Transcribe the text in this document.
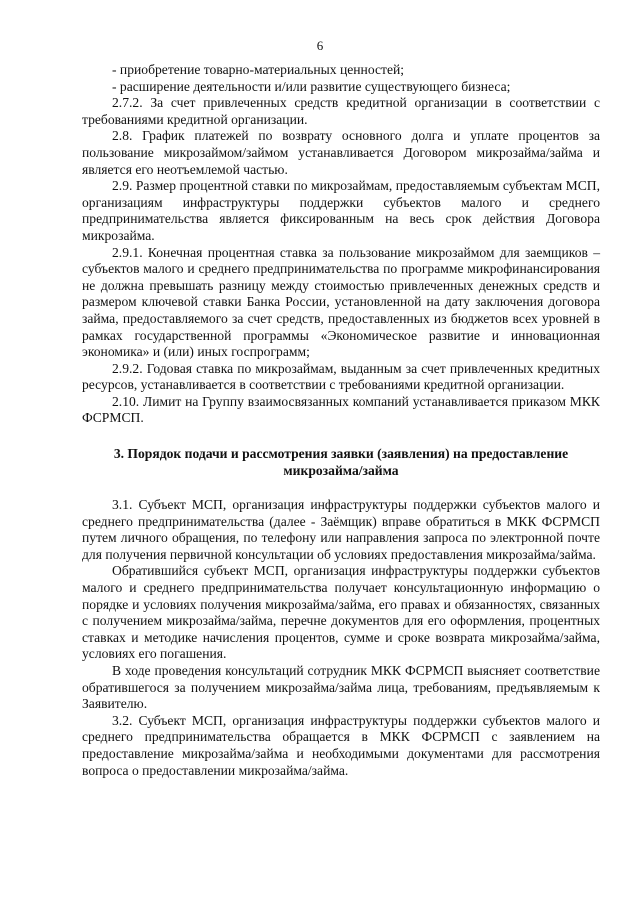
6

- приобретение товарно-материальных ценностей;

- расширение деятельности и/или развитие существующего бизнеса;

2.7.2. За счет привлеченных средств кредитной организации в соответствии с требованиями кредитной организации.

2.8. График платежей по возврату основного долга и уплате процентов за пользование микрозаймом/займом устанавливается Договором микрозайма/займа и является его неотъемлемой частью.

2.9. Размер процентной ставки по микрозаймам, предоставляемым субъектам МСП, организациям инфраструктуры поддержки субъектов малого и среднего предпринимательства является фиксированным на весь срок действия Договора микрозайма.

2.9.1. Конечная процентная ставка за пользование микрозаймом для заемщиков – субъектов малого и среднего предпринимательства по программе микрофинансирования не должна превышать разницу между стоимостью привлеченных денежных средств и размером ключевой ставки Банка России, установленной на дату заключения договора займа, предоставляемого за счет средств, предоставленных из бюджетов всех уровней в рамках государственной программы «Экономическое развитие и инновационная экономика» и (или) иных госпрограмм;

2.9.2. Годовая ставка по микрозаймам, выданным за счет привлеченных кредитных ресурсов, устанавливается в соответствии с требованиями кредитной организации.

2.10. Лимит на Группу взаимосвязанных компаний устанавливается приказом МКК ФСРМСП.

3. Порядок подачи и рассмотрения заявки (заявления) на предоставление микрозайма/займа

3.1. Субъект МСП, организация инфраструктуры поддержки субъектов малого и среднего предпринимательства (далее - Заёмщик) вправе обратиться в МКК ФСРМСП путем личного обращения, по телефону или направления запроса по электронной почте для получения первичной консультации об условиях предоставления микрозайма/займа.

Обратившийся субъект МСП, организация инфраструктуры поддержки субъектов малого и среднего предпринимательства получает консультационную информацию о порядке и условиях получения микрозайма/займа, его правах и обязанностях, связанных с получением микрозайма/займа, перечне документов для его оформления, процентных ставках и методике начисления процентов, сумме и сроке возврата микрозайма/займа, условиях его погашения.

В ходе проведения консультаций сотрудник МКК ФСРМСП выясняет соответствие обратившегося за получением микрозайма/займа лица, требованиям, предъявляемым к Заявителю.

3.2. Субъект МСП, организация инфраструктуры поддержки субъектов малого и среднего предпринимательства обращается в МКК ФСРМСП с заявлением на предоставление микрозайма/займа и необходимыми документами для рассмотрения вопроса о предоставлении микрозайма/займа.
